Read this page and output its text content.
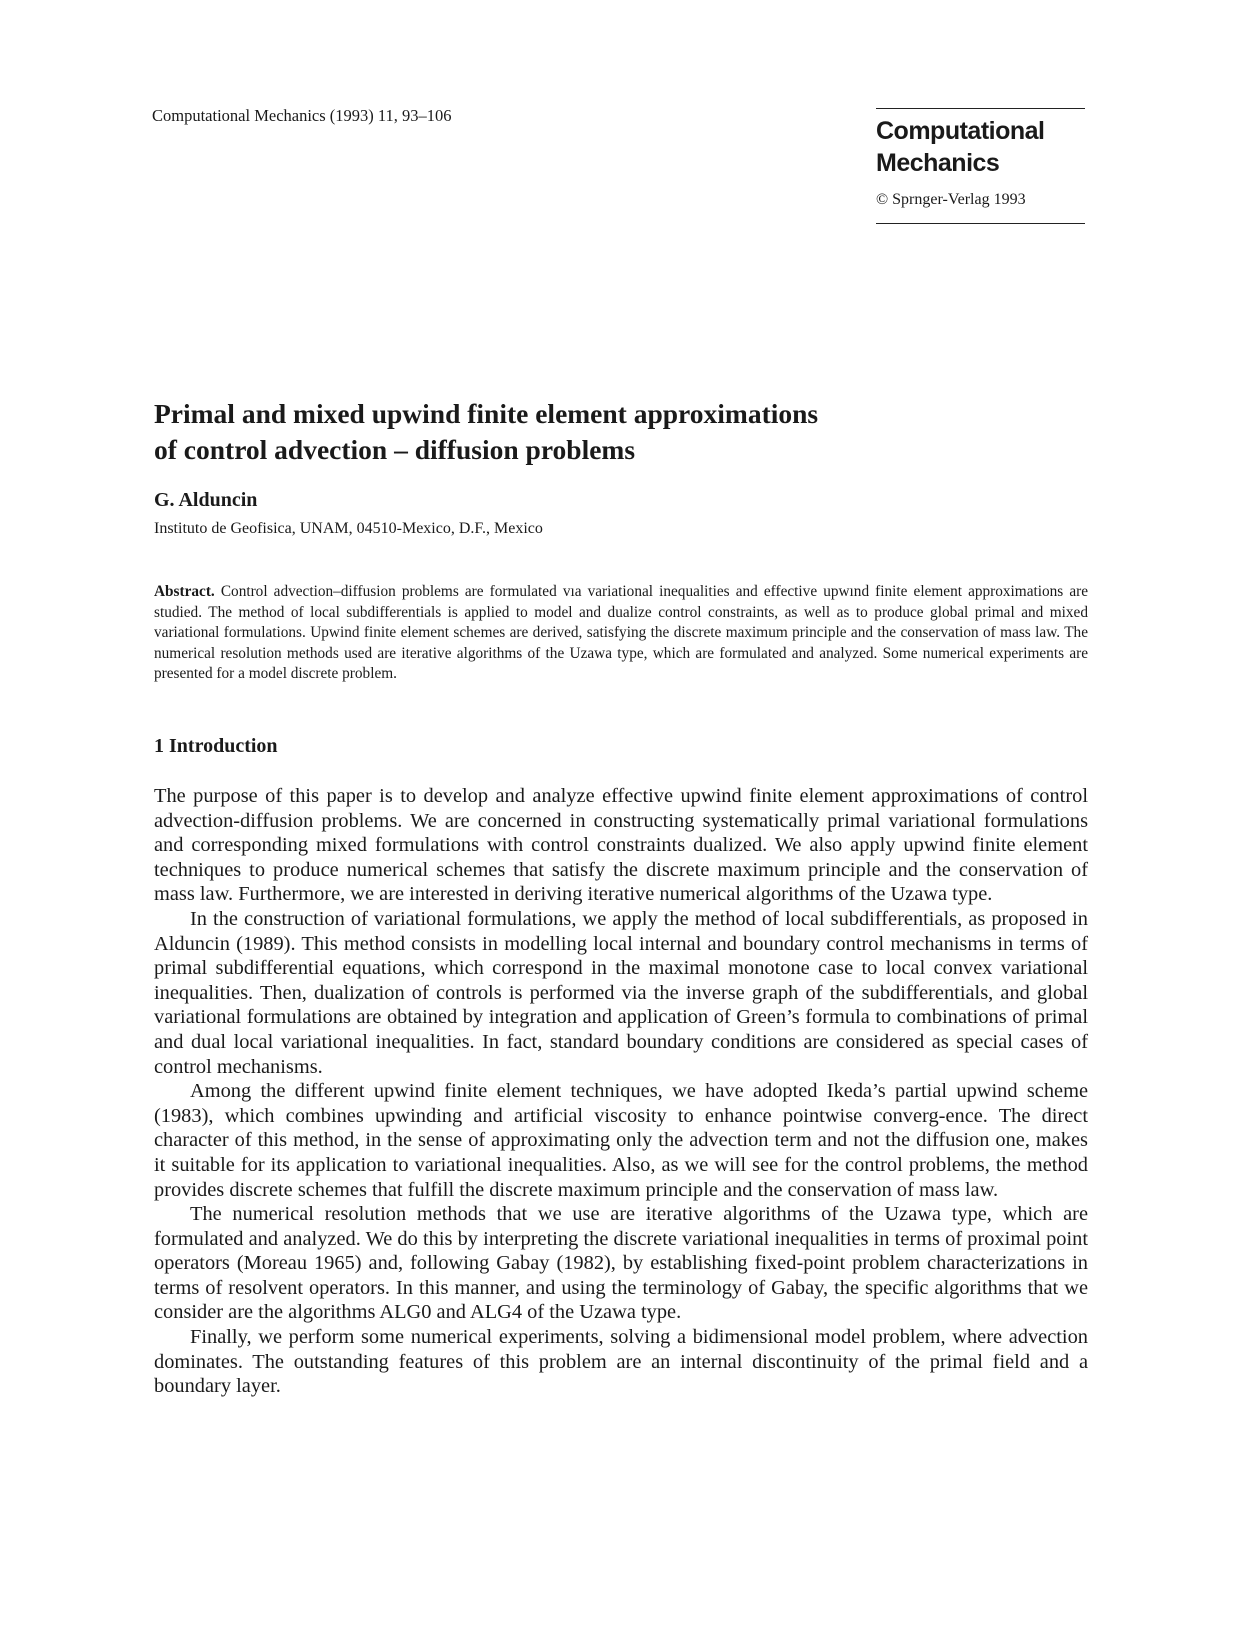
Computational Mechanics (1993) 11, 93–106
Computational
Mechanics
© Sprnger-Verlag 1993
Primal and mixed upwind finite element approximations
of control advection – diffusion problems
G. Alduncin
Instituto de Geofisica, UNAM, 04510-Mexico, D.F., Mexico
Abstract. Control advection–diffusion problems are formulated vıa variational inequalities and effective upwınd finite element approximations are studied. The method of local subdifferentials is applied to model and dualize control constraints, as well as to produce global primal and mixed variational formulations. Upwind finite element schemes are derived, satisfying the discrete maximum principle and the conservation of mass law. The numerical resolution methods used are iterative algorithms of the Uzawa type, which are formulated and analyzed. Some numerical experiments are presented for a model discrete problem.
1 Introduction

The purpose of this paper is to develop and analyze effective upwind finite element approximations of control advection-diffusion problems. We are concerned in constructing systematically primal variational formulations and corresponding mixed formulations with control constraints dualized. We also apply upwind finite element techniques to produce numerical schemes that satisfy the discrete maximum principle and the conservation of mass law. Furthermore, we are interested in deriving iterative numerical algorithms of the Uzawa type.

In the construction of variational formulations, we apply the method of local subdifferentials, as proposed in Alduncin (1989). This method consists in modelling local internal and boundary control mechanisms in terms of primal subdifferential equations, which correspond in the maximal monotone case to local convex variational inequalities. Then, dualization of controls is performed via the inverse graph of the subdifferentials, and global variational formulations are obtained by integration and application of Green’s formula to combinations of primal and dual local variational inequalities. In fact, standard boundary conditions are considered as special cases of control mechanisms.

Among the different upwind finite element techniques, we have adopted Ikeda’s partial upwind scheme (1983), which combines upwinding and artificial viscosity to enhance pointwise converg-ence. The direct character of this method, in the sense of approximating only the advection term and not the diffusion one, makes it suitable for its application to variational inequalities. Also, as we will see for the control problems, the method provides discrete schemes that fulfill the discrete maximum principle and the conservation of mass law.

The numerical resolution methods that we use are iterative algorithms of the Uzawa type, which are formulated and analyzed. We do this by interpreting the discrete variational inequalities in terms of proximal point operators (Moreau 1965) and, following Gabay (1982), by establishing fixed-point problem characterizations in terms of resolvent operators. In this manner, and using the terminology of Gabay, the specific algorithms that we consider are the algorithms ALG0 and ALG4 of the Uzawa type.

Finally, we perform some numerical experiments, solving a bidimensional model problem, where advection dominates. The outstanding features of this problem are an internal discontinuity of the primal field and a boundary layer.
